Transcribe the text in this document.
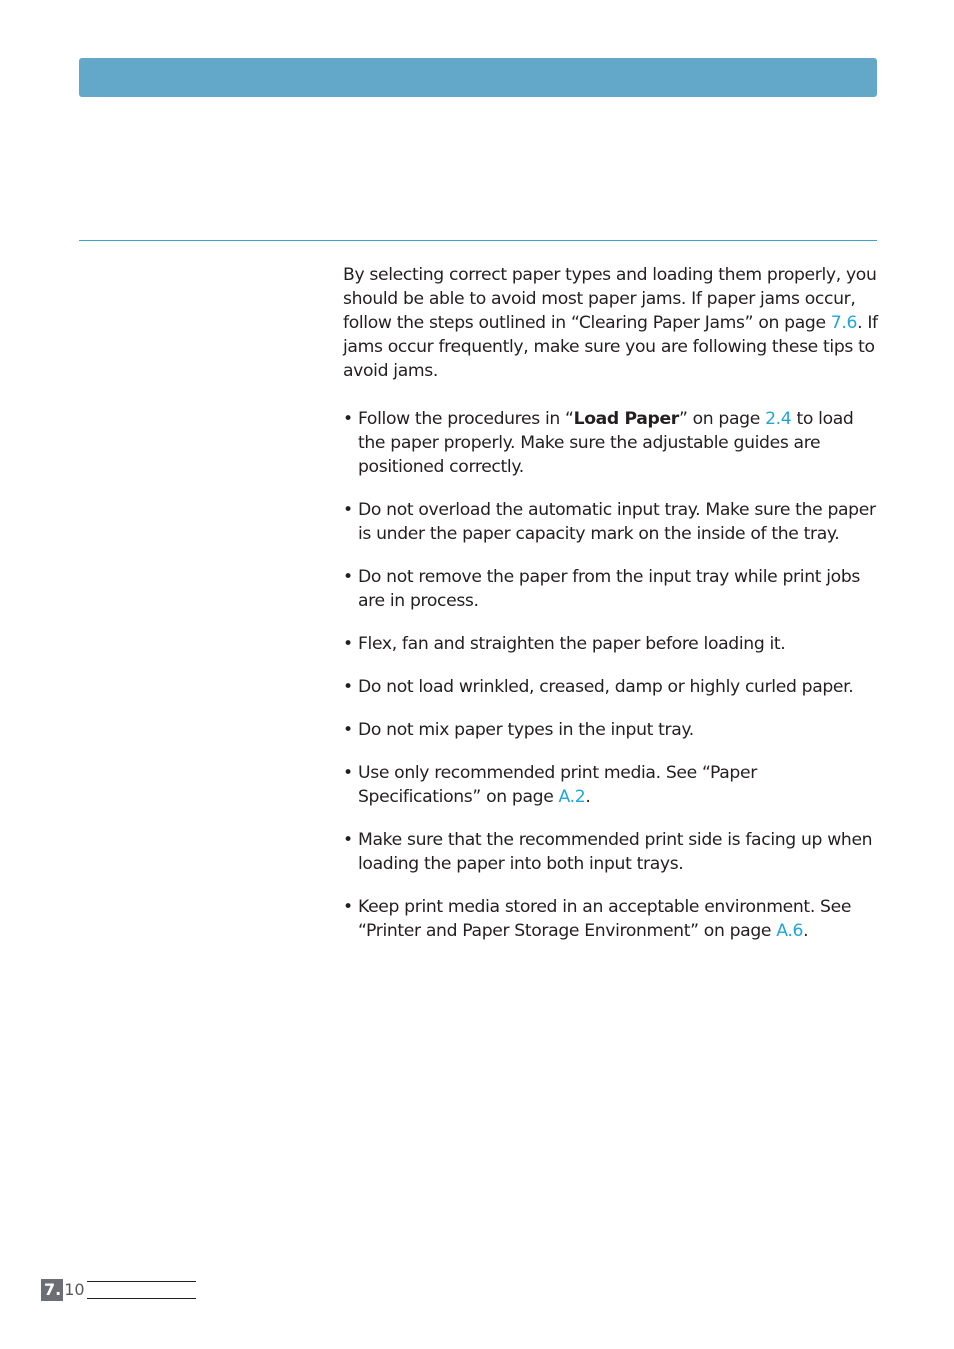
By selecting correct paper types and loading them properly, you should be able to avoid most paper jams. If paper jams occur, follow the steps outlined in “Clearing Paper Jams” on page 7.6. If jams occur frequently, make sure you are following these tips to avoid jams.

• Follow the procedures in “Load Paper” on page 2.4 to load the paper properly. Make sure the adjustable guides are positioned correctly.
• Do not overload the automatic input tray. Make sure the paper is under the paper capacity mark on the inside of the tray.
• Do not remove the paper from the input tray while print jobs are in process.
• Flex, fan and straighten the paper before loading it.
• Do not load wrinkled, creased, damp or highly curled paper.
• Do not mix paper types in the input tray.
• Use only recommended print media. See “Paper Specifications” on page A.2.
• Make sure that the recommended print side is facing up when loading the paper into both input trays.
• Keep print media stored in an acceptable environment. See “Printer and Paper Storage Environment” on page A.6.
7. 10
